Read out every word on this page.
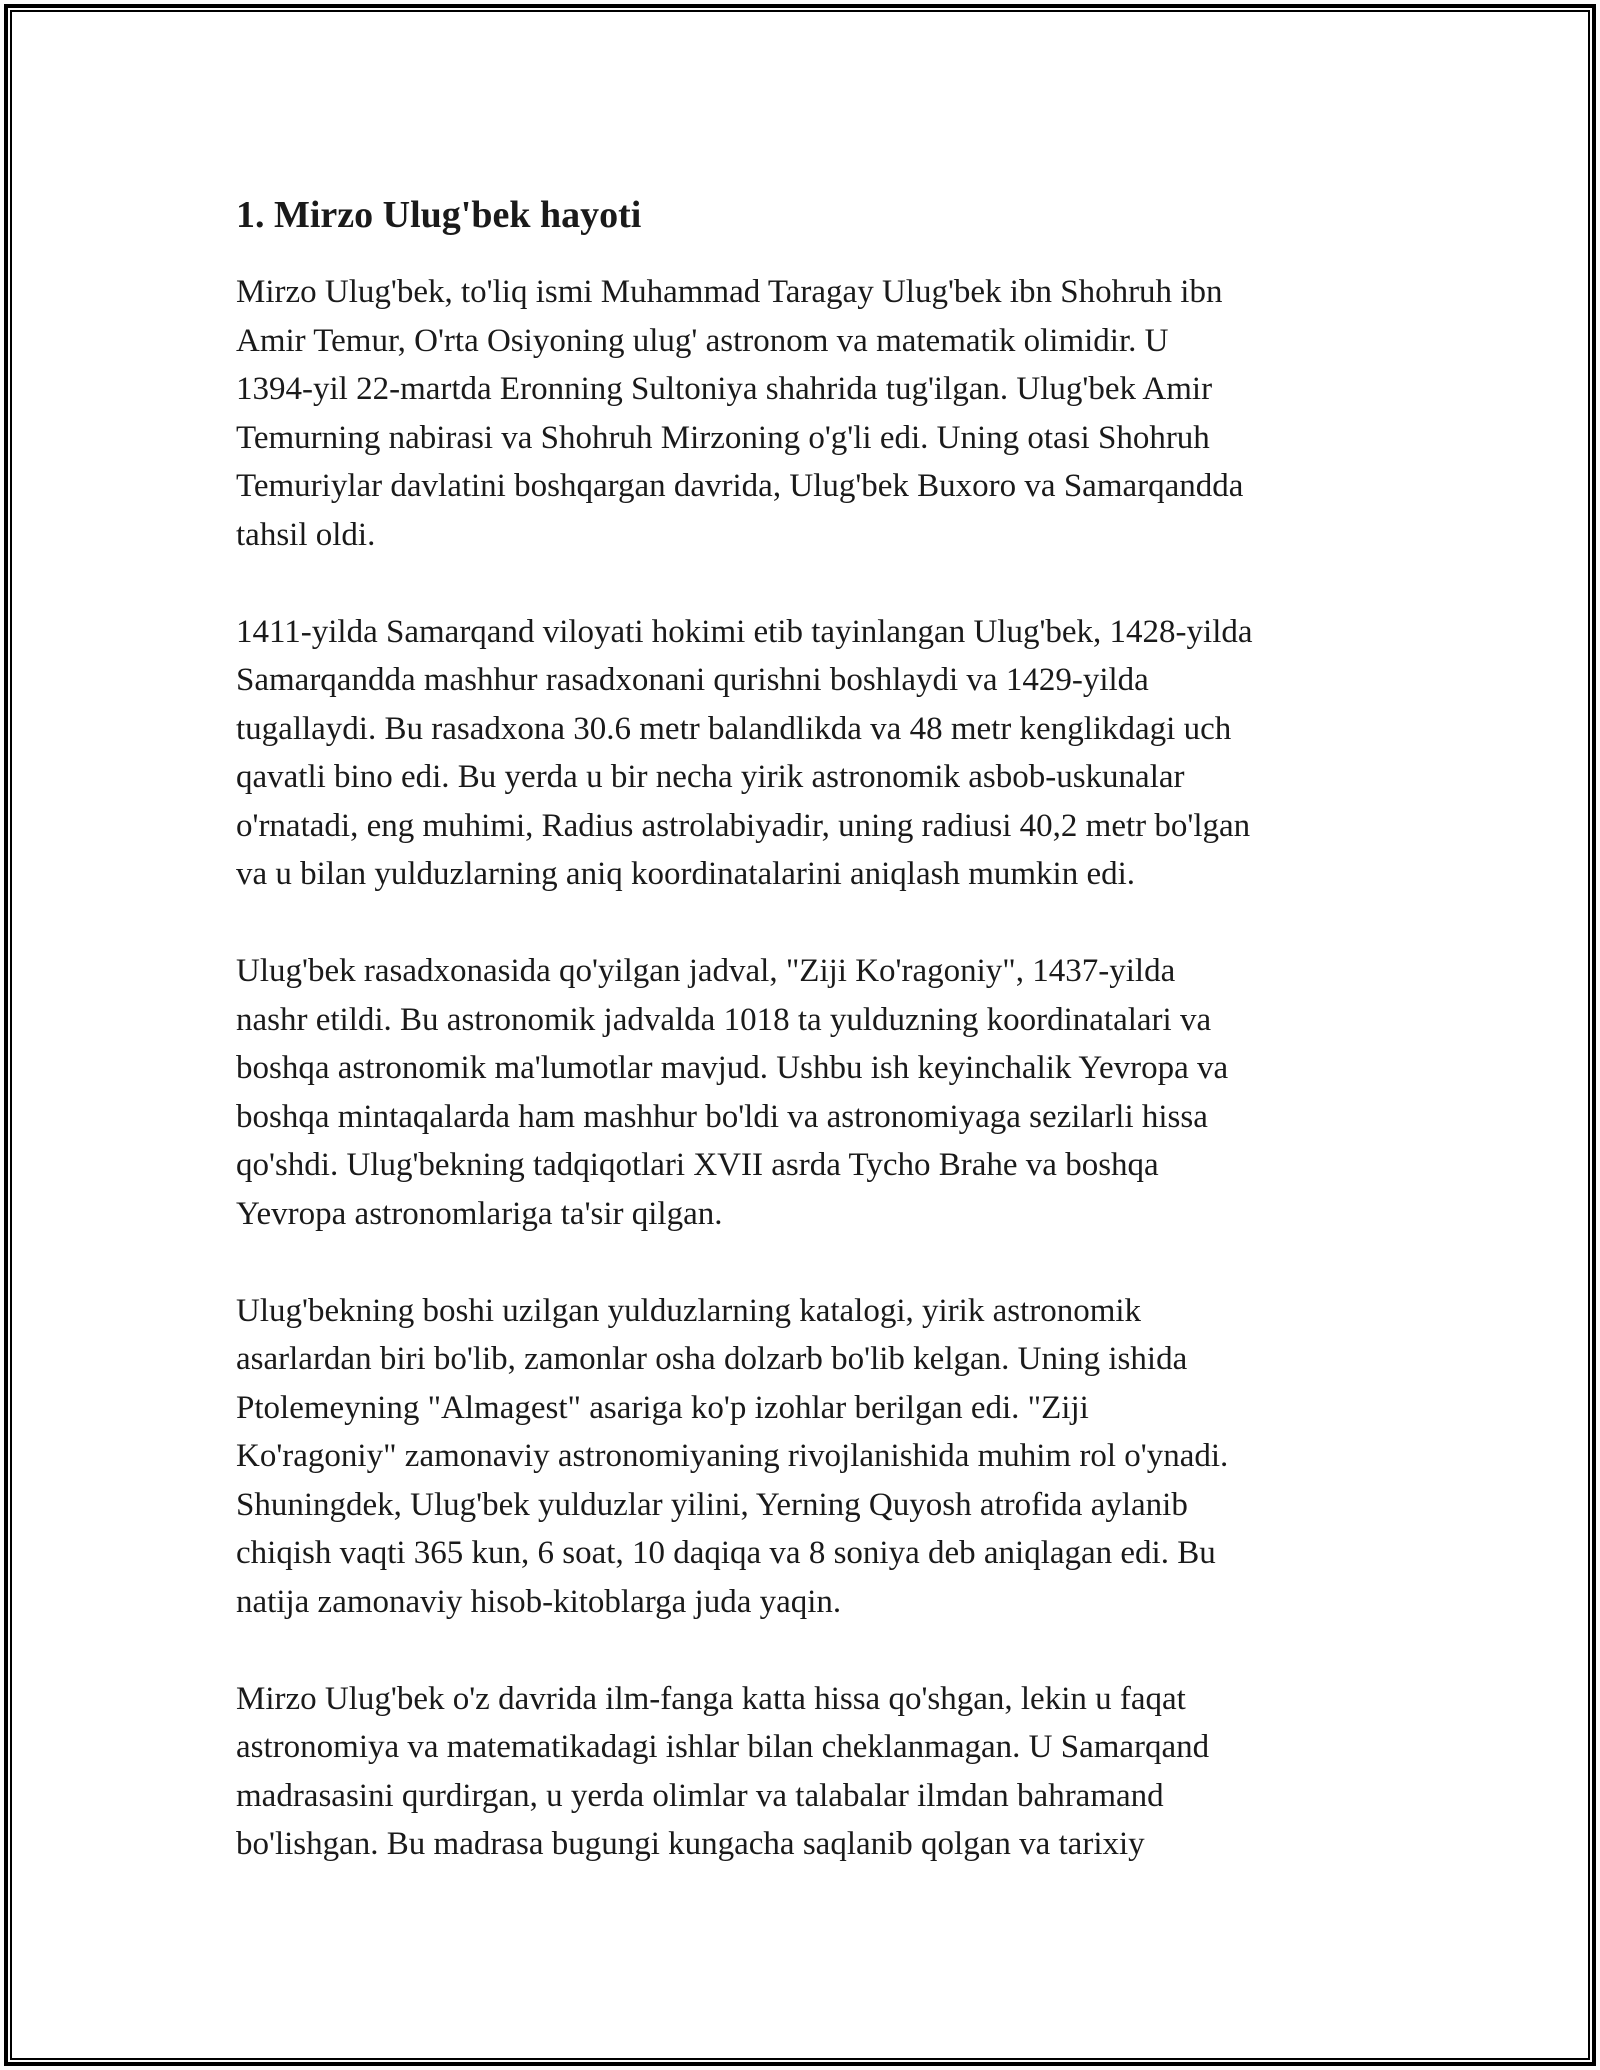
1. Mirzo Ulug'bek hayoti

Mirzo Ulug'bek, to'liq ismi Muhammad Taragay Ulug'bek ibn Shohruh ibn
Amir Temur, O'rta Osiyoning ulug' astronom va matematik olimidir. U
1394-yil 22-martda Eronning Sultoniya shahrida tug'ilgan. Ulug'bek Amir
Temurning nabirasi va Shohruh Mirzoning o'g'li edi. Uning otasi Shohruh
Temuriylar davlatini boshqargan davrida, Ulug'bek Buxoro va Samarqandda
tahsil oldi.

1411-yilda Samarqand viloyati hokimi etib tayinlangan Ulug'bek, 1428-yilda
Samarqandda mashhur rasadxonani qurishni boshlaydi va 1429-yilda
tugallaydi. Bu rasadxona 30.6 metr balandlikda va 48 metr kenglikdagi uch
qavatli bino edi. Bu yerda u bir necha yirik astronomik asbob-uskunalar
o'rnatadi, eng muhimi, Radius astrolabiyadir, uning radiusi 40,2 metr bo'lgan
va u bilan yulduzlarning aniq koordinatalarini aniqlash mumkin edi.

Ulug'bek rasadxonasida qo'yilgan jadval, "Ziji Ko'ragoniy", 1437-yilda
nashr etildi. Bu astronomik jadvalda 1018 ta yulduzning koordinatalari va
boshqa astronomik ma'lumotlar mavjud. Ushbu ish keyinchalik Yevropa va
boshqa mintaqalarda ham mashhur bo'ldi va astronomiyaga sezilarli hissa
qo'shdi. Ulug'bekning tadqiqotlari XVII asrda Tycho Brahe va boshqa
Yevropa astronomlariga ta'sir qilgan.

Ulug'bekning boshi uzilgan yulduzlarning katalogi, yirik astronomik
asarlardan biri bo'lib, zamonlar osha dolzarb bo'lib kelgan. Uning ishida
Ptolemeyning "Almagest" asariga ko'p izohlar berilgan edi. "Ziji
Ko'ragoniy" zamonaviy astronomiyaning rivojlanishida muhim rol o'ynadi.
Shuningdek, Ulug'bek yulduzlar yilini, Yerning Quyosh atrofida aylanib
chiqish vaqti 365 kun, 6 soat, 10 daqiqa va 8 soniya deb aniqlagan edi. Bu
natija zamonaviy hisob-kitoblarga juda yaqin.

Mirzo Ulug'bek o'z davrida ilm-fanga katta hissa qo'shgan, lekin u faqat
astronomiya va matematikadagi ishlar bilan cheklanmagan. U Samarqand
madrasasini qurdirgan, u yerda olimlar va talabalar ilmdan bahramand
bo'lishgan. Bu madrasa bugungi kungacha saqlanib qolgan va tarixiy
